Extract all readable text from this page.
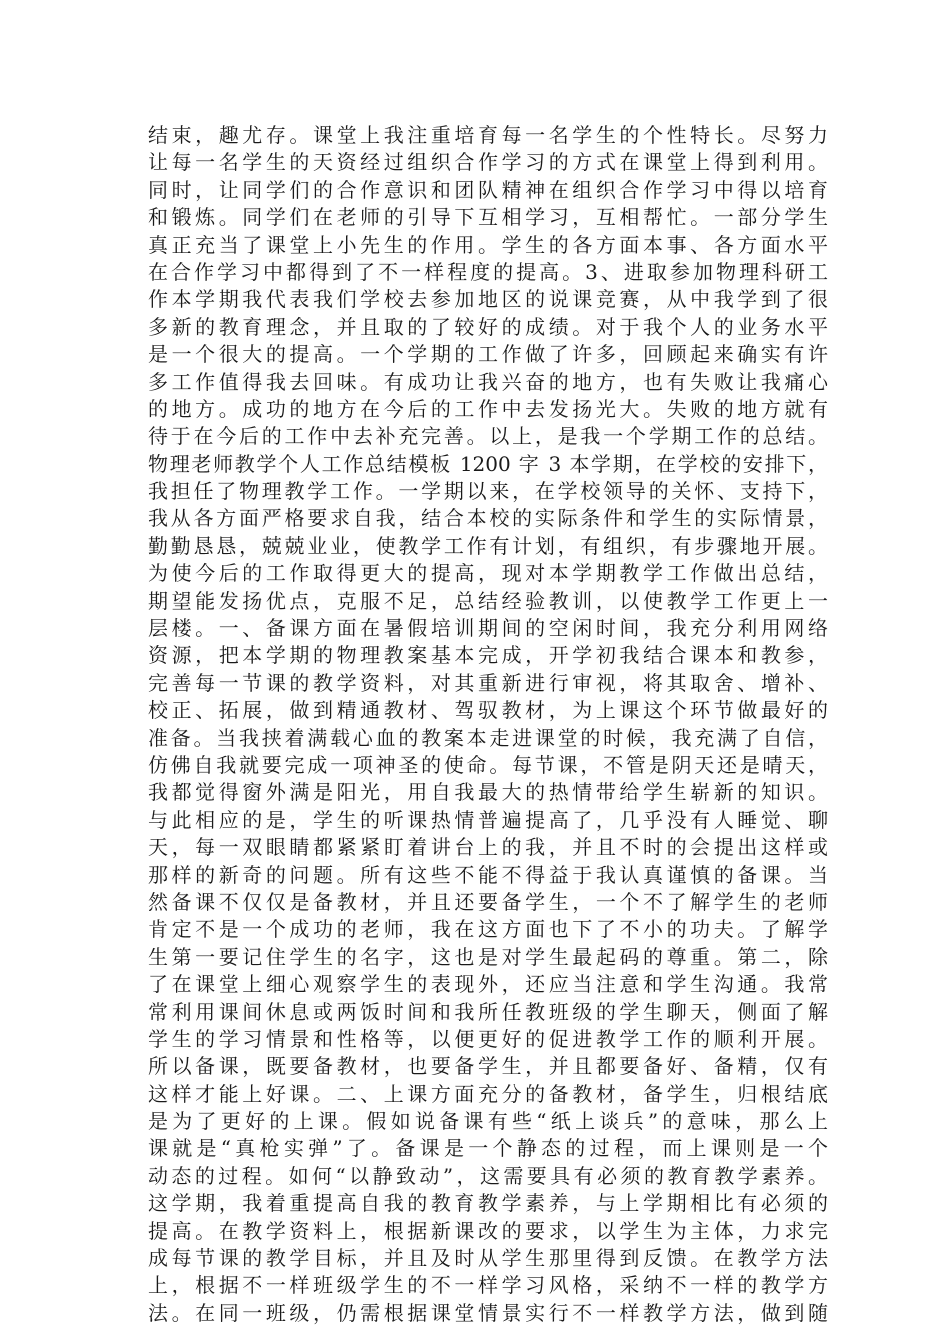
结束，趣尤存。课堂上我注重培育每一名学生的个性特长。尽努力
让每一名学生的天资经过组织合作学习的方式在课堂上得到利用。
同时，让同学们的合作意识和团队精神在组织合作学习中得以培育
和锻炼。同学们在老师的引导下互相学习，互相帮忙。一部分学生
真正充当了课堂上小先生的作用。学生的各方面本事、各方面水平
在合作学习中都得到了不一样程度的提高。3、进取参加物理科研工
作本学期我代表我们学校去参加地区的说课竞赛，从中我学到了很
多新的教育理念，并且取的了较好的成绩。对于我个人的业务水平
是一个很大的提高。一个学期的工作做了许多，回顾起来确实有许
多工作值得我去回味。有成功让我兴奋的地方，也有失败让我痛心
的地方。成功的地方在今后的工作中去发扬光大。失败的地方就有
待于在今后的工作中去补充完善。以上，是我一个学期工作的总结。
物理老师教学个人工作总结模板 1200 字 3 本学期，在学校的安排下，
我担任了物理教学工作。一学期以来，在学校领导的关怀、支持下，
我从各方面严格要求自我，结合本校的实际条件和学生的实际情景，
勤勤恳恳，兢兢业业，使教学工作有计划，有组织，有步骤地开展。
为使今后的工作取得更大的提高，现对本学期教学工作做出总结，
期望能发扬优点，克服不足，总结经验教训，以使教学工作更上一
层楼。一、备课方面在暑假培训期间的空闲时间，我充分利用网络
资源，把本学期的物理教案基本完成，开学初我结合课本和教参，
完善每一节课的教学资料，对其重新进行审视，将其取舍、增补、
校正、拓展，做到精通教材、驾驭教材，为上课这个环节做最好的
准备。当我挟着满载心血的教案本走进课堂的时候，我充满了自信，
仿佛自我就要完成一项神圣的使命。每节课，不管是阴天还是晴天，
我都觉得窗外满是阳光，用自我最大的热情带给学生崭新的知识。
与此相应的是，学生的听课热情普遍提高了，几乎没有人睡觉、聊
天，每一双眼睛都紧紧盯着讲台上的我，并且不时的会提出这样或
那样的新奇的问题。所有这些不能不得益于我认真谨慎的备课。当
然备课不仅仅是备教材，并且还要备学生，一个不了解学生的老师
肯定不是一个成功的老师，我在这方面也下了不小的功夫。了解学
生第一要记住学生的名字，这也是对学生最起码的尊重。第二，除
了在课堂上细心观察学生的表现外，还应当注意和学生沟通。我常
常利用课间休息或两饭时间和我所任教班级的学生聊天，侧面了解
学生的学习情景和性格等，以便更好的促进教学工作的顺利开展。
所以备课，既要备教材，也要备学生，并且都要备好、备精，仅有
这样才能上好课。二、上课方面充分的备教材，备学生，归根结底
是为了更好的上课。假如说备课有些“纸上谈兵”的意味，那么上
课就是“真枪实弹”了。备课是一个静态的过程，而上课则是一个
动态的过程。如何“以静致动”，这需要具有必须的教育教学素养。
这学期，我着重提高自我的教育教学素养，与上学期相比有必须的
提高。在教学资料上，根据新课改的要求，以学生为主体，力求完
成每节课的教学目标，并且及时从学生那里得到反馈。在教学方法
上，根据不一样班级学生的不一样学习风格，采纳不一样的教学方
法。在同一班级，仍需根据课堂情景实行不一样教学方法，做到随
